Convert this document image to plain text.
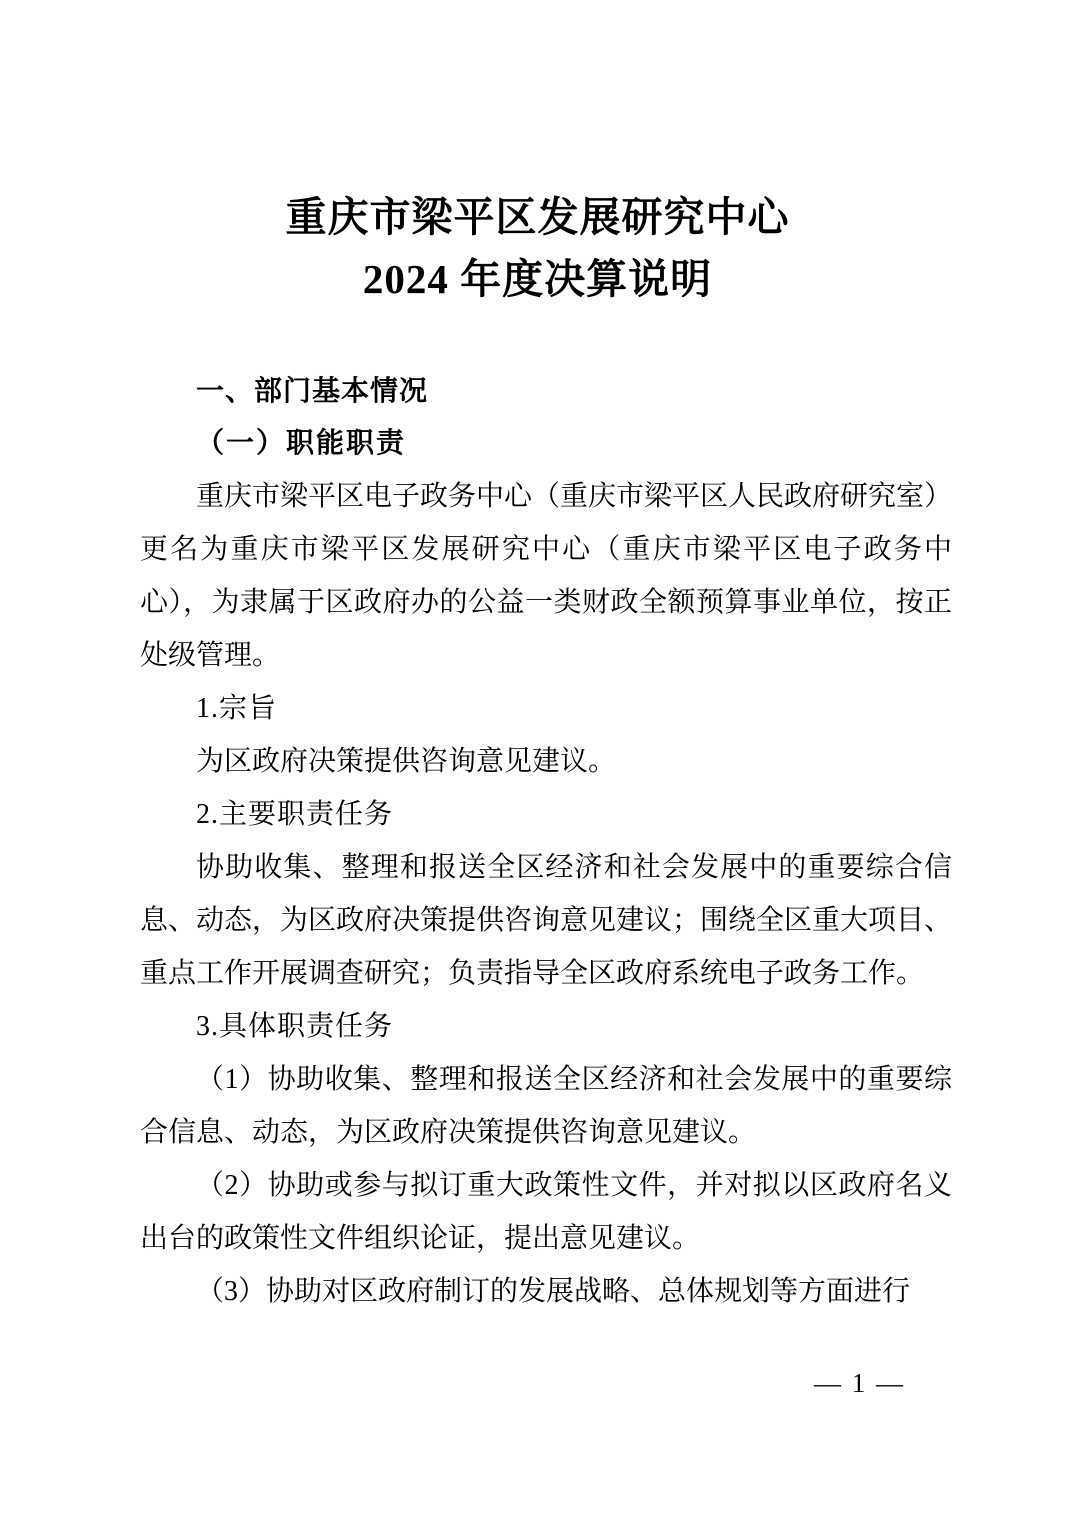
重庆市梁平区发展研究中心
2024 年度决算说明
一、部门基本情况
（一）职能职责

重庆市梁平区电子政务中心（重庆市梁平区人民政府研究室）更名为重庆市梁平区发展研究中心（重庆市梁平区电子政务中心），为隶属于区政府办的公益一类财政全额预算事业单位，按正处级管理。

1.宗旨

为区政府决策提供咨询意见建议。

2.主要职责任务

协助收集、整理和报送全区经济和社会发展中的重要综合信息、动态，为区政府决策提供咨询意见建议；围绕全区重大项目、重点工作开展调查研究；负责指导全区政府系统电子政务工作。

3.具体职责任务

（1）协助收集、整理和报送全区经济和社会发展中的重要综合信息、动态，为区政府决策提供咨询意见建议。

（2）协助或参与拟订重大政策性文件，并对拟以区政府名义出台的政策性文件组织论证，提出意见建议。

（3）协助对区政府制订的发展战略、总体规划等方面进行

— 1 —
